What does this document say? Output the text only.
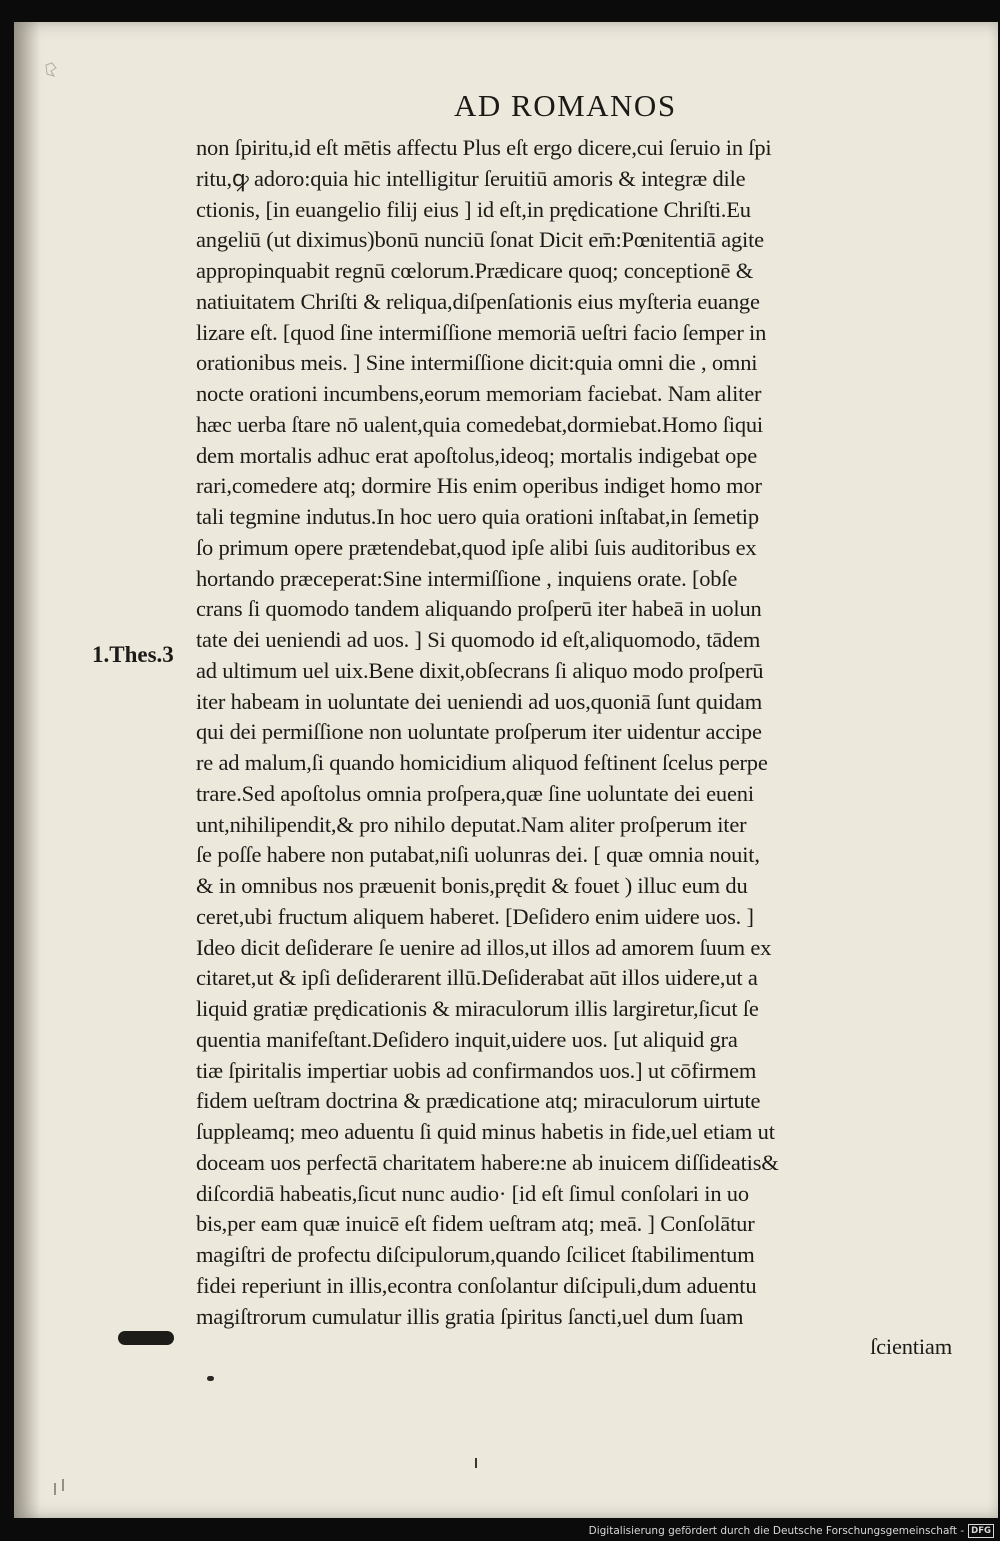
AD ROMANOS
non ſpiritu,id eſt mētis affectu Plus eſt ergo dicere,cui ſeruio in ſpi
ritu,ꝙ adoro:quia hic intelligitur ſeruitiū amoris & integræ dile
ctionis, [in euangelio filij eius ] id eſt,in prędicatione Chriſti.Eu
angeliū (ut diximus)bonū nunciū ſonat Dicit em̄:Pœnitentiā agite
appropinquabit regnū cœlorum.Prædicare quoq; conceptionē &
natiuitatem Chriſti & reliqua,diſpenſationis eius myſteria euange
lizare eſt. [quod ſine intermiſſione memoriā ueſtri facio ſemper in
orationibus meis. ] Sine intermiſſione dicit:quia omni die , omni
nocte orationi incumbens,eorum memoriam faciebat. Nam aliter
hæc uerba ſtare nō ualent,quia comedebat,dormiebat.Homo ſiqui
dem mortalis adhuc erat apoſtolus,ideoq; mortalis indigebat ope
rari,comedere atq; dormire His enim operibus indiget homo mor
tali tegmine indutus.In hoc uero quia orationi inſtabat,in ſemetip
ſo primum opere prætendebat,quod ipſe alibi ſuis auditoribus ex
hortando præceperat:Sine intermiſſione , inquiens orate. [obſe
crans ſi quomodo tandem aliquando proſperū iter habeā in uolun
tate dei ueniendi ad uos. ] Si quomodo id eſt,aliquomodo, tādem
ad ultimum uel uix.Bene dixit,obſecrans ſi aliquo modo proſperū
iter habeam in uoluntate dei ueniendi ad uos,quoniā ſunt quidam
qui dei permiſſione non uoluntate proſperum iter uidentur accipe
re ad malum,ſi quando homicidium aliquod feſtinent ſcelus perpe
trare.Sed apoſtolus omnia proſpera,quæ ſine uoluntate dei eueni
unt,nihilipendit,& pro nihilo deputat.Nam aliter proſperum iter
ſe poſſe habere non putabat,niſi uolunras dei. [ quæ omnia nouit,
& in omnibus nos præuenit bonis,prędit & fouet ) illuc eum du
ceret,ubi fructum aliquem haberet. [Deſidero enim uidere uos. ]
Ideo dicit deſiderare ſe uenire ad illos,ut illos ad amorem ſuum ex
citaret,ut & ipſi deſiderarent illū.Deſiderabat aūt illos uidere,ut a
liquid gratiæ prędicationis & miraculorum illis largiretur,ſicut ſe
quentia manifeſtant.Deſidero inquit,uidere uos. [ut aliquid gra
tiæ ſpiritalis impertiar uobis ad confirmandos uos.] ut cōfirmem
fidem ueſtram doctrina & prædicatione atq; miraculorum uirtute
ſuppleamq; meo aduentu ſi quid minus habetis in fide,uel etiam ut
doceam uos perfectā charitatem habere:ne ab inuicem diſſideatis&
diſcordiā habeatis,ſicut nunc audio· [id eſt ſimul conſolari in uo
bis,per eam quæ inuicē eſt fidem ueſtram atq; meā. ] Conſolātur
magiſtri de profectu diſcipulorum,quando ſcilicet ſtabilimentum
fidei reperiunt in illis,econtra conſolantur diſcipuli,dum aduentu
magiſtrorum cumulatur illis gratia ſpiritus ſancti,uel dum ſuam
ſcientiam
1.Thes.3
Digitalisierung gefördert durch die Deutsche Forschungsgemeinschaft - DFG
